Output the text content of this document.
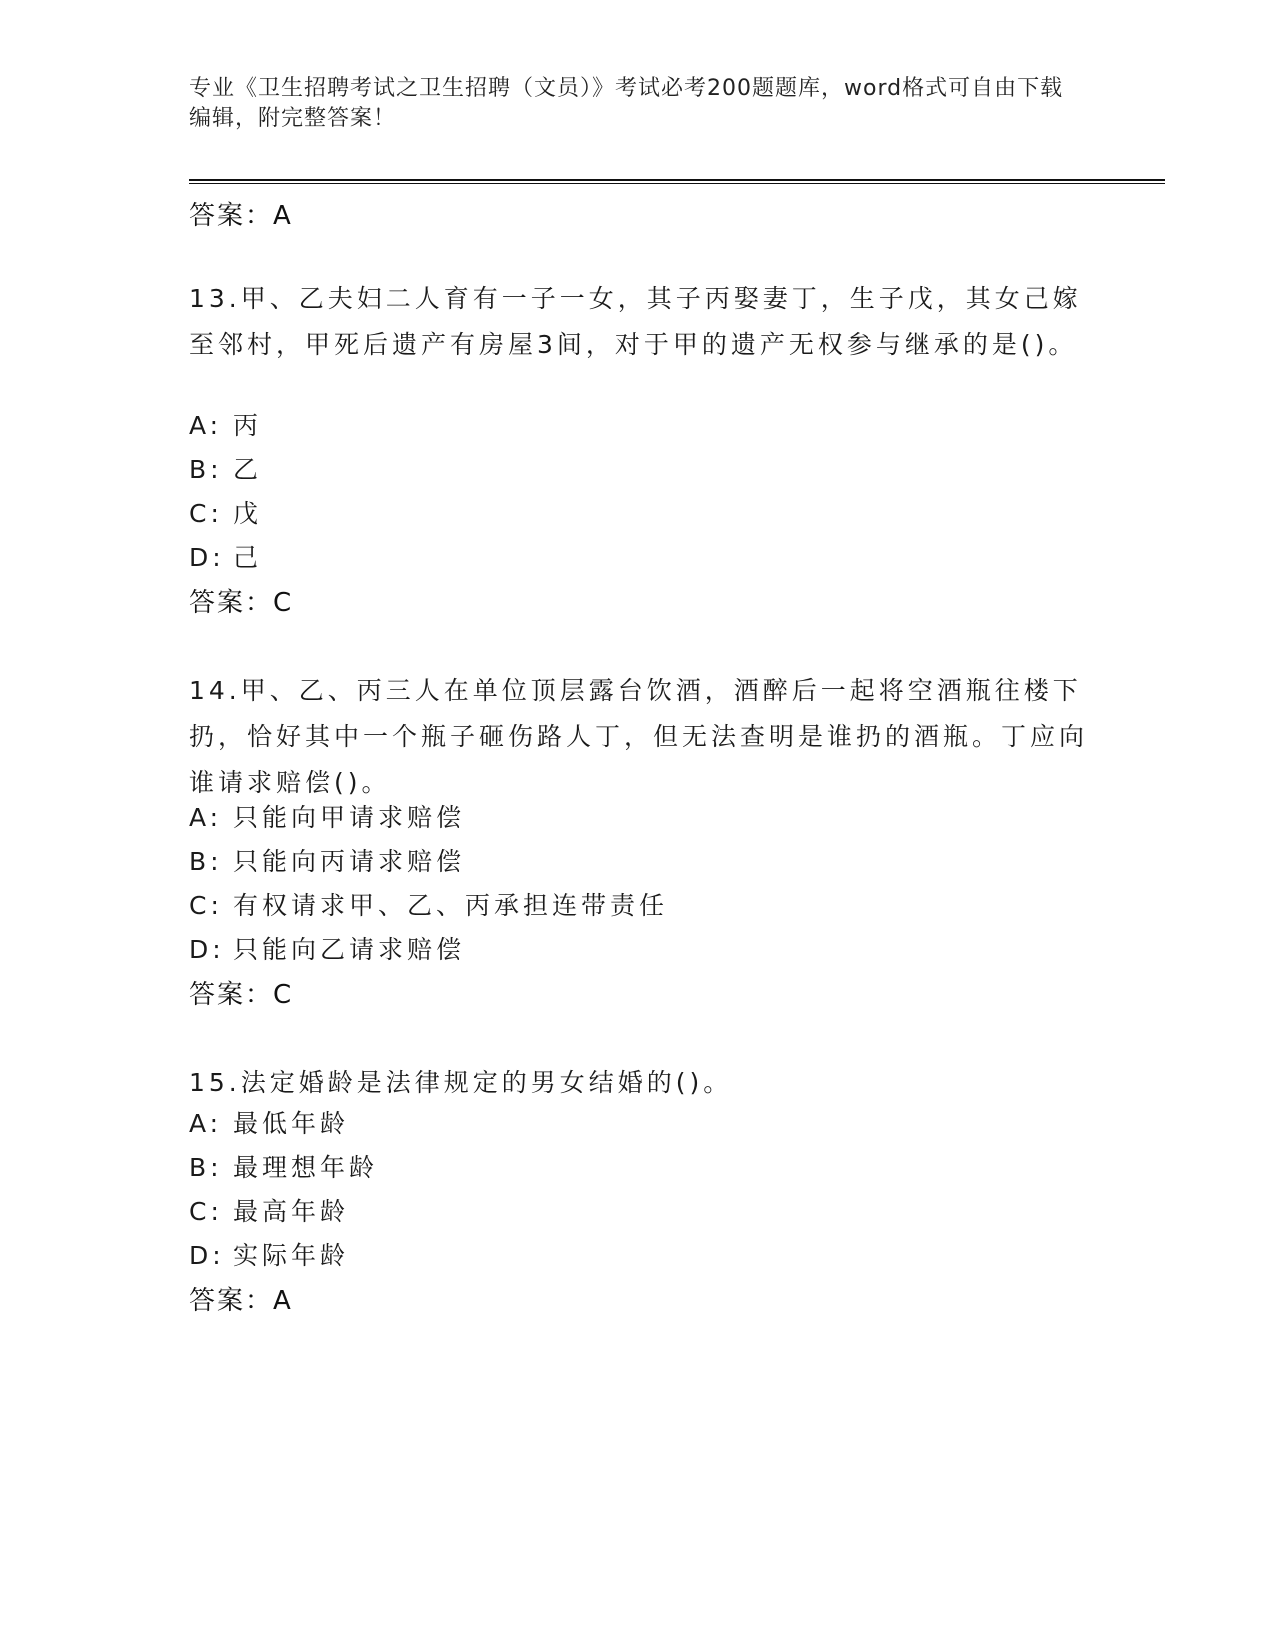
专业《卫生招聘考试之卫生招聘（文员）》考试必考200题题库，word格式可自由下载编辑，附完整答案！
答案：A
13.甲、乙夫妇二人育有一子一女，其子丙娶妻丁，生子戊，其女己嫁至邻村，甲死后遗产有房屋3间，对于甲的遗产无权参与继承的是()。
A: 丙
B: 乙
C: 戊
D: 己
答案：C
14.甲、乙、丙三人在单位顶层露台饮酒，酒醉后一起将空酒瓶往楼下扔，恰好其中一个瓶子砸伤路人丁，但无法查明是谁扔的酒瓶。丁应向谁请求赔偿()。
A: 只能向甲请求赔偿
B: 只能向丙请求赔偿
C: 有权请求甲、乙、丙承担连带责任
D: 只能向乙请求赔偿
答案：C
15.法定婚龄是法律规定的男女结婚的()。
A: 最低年龄
B: 最理想年龄
C: 最高年龄
D: 实际年龄
答案：A
